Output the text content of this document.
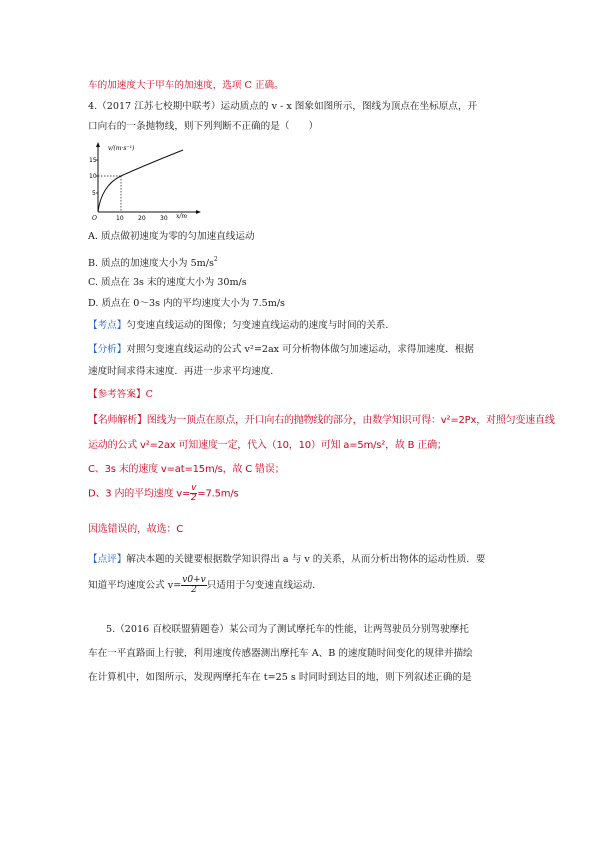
车的加速度大于甲车的加速度，选项 C 正确。
4.（2017 江苏七校期中联考）运动质点的 v - x 图象如图所示，图线为顶点在坐标原点，开
口向右的一条抛物线，则下列判断不正确的是（　　）
v/(m·s⁻¹)
x/m
15
10
5
10 20 30
O
A. 质点做初速度为零的匀加速直线运动
B. 质点的加速度大小为 $5m/s^2$
C. 质点在 3s 末的速度大小为 30m/s
D. 质点在 0～3s 内的平均速度大小为 7.5m/s
【考点】匀变速直线运动的图像；匀变速直线运动的速度与时间的关系．
【分析】对照匀变速直线运动的公式 v²=2ax 可分析物体做匀加速运动，求得加速度．根据
速度时间求得末速度．再进一步求平均速度．
【参考答案】C
【名师解析】图线为一顶点在原点，开口向右的抛物线的部分，由数学知识可得：v²=2Px，对照匀变速直线
运动的公式 v²=2ax 可知速度一定，代入（10，10）可知 a=5m/s²，故 B 正确；
C、3s 末的速度 v=at=15m/s，故 C 错误；
D、3 内的平均速度 $v= \frac{v}{2} =7.5m/s$
因选错误的，故选：C
【点评】解决本题的关键要根据数学知识得出 a 与 v 的关系，从而分析出物体的运动性质．要
知道平均速度公式 $v= \frac{v0+v}{2}$ 只适用于匀变速直线运动．
5.（2016 百校联盟猜题卷）某公司为了测试摩托车的性能，让两驾驶员分别驾驶摩托
车在一平直路面上行驶，利用速度传感器测出摩托车 A、B 的速度随时间变化的规律并描绘
在计算机中，如图所示，发现两摩托车在 t=25 s 时同时到达目的地，则下列叙述正确的是
